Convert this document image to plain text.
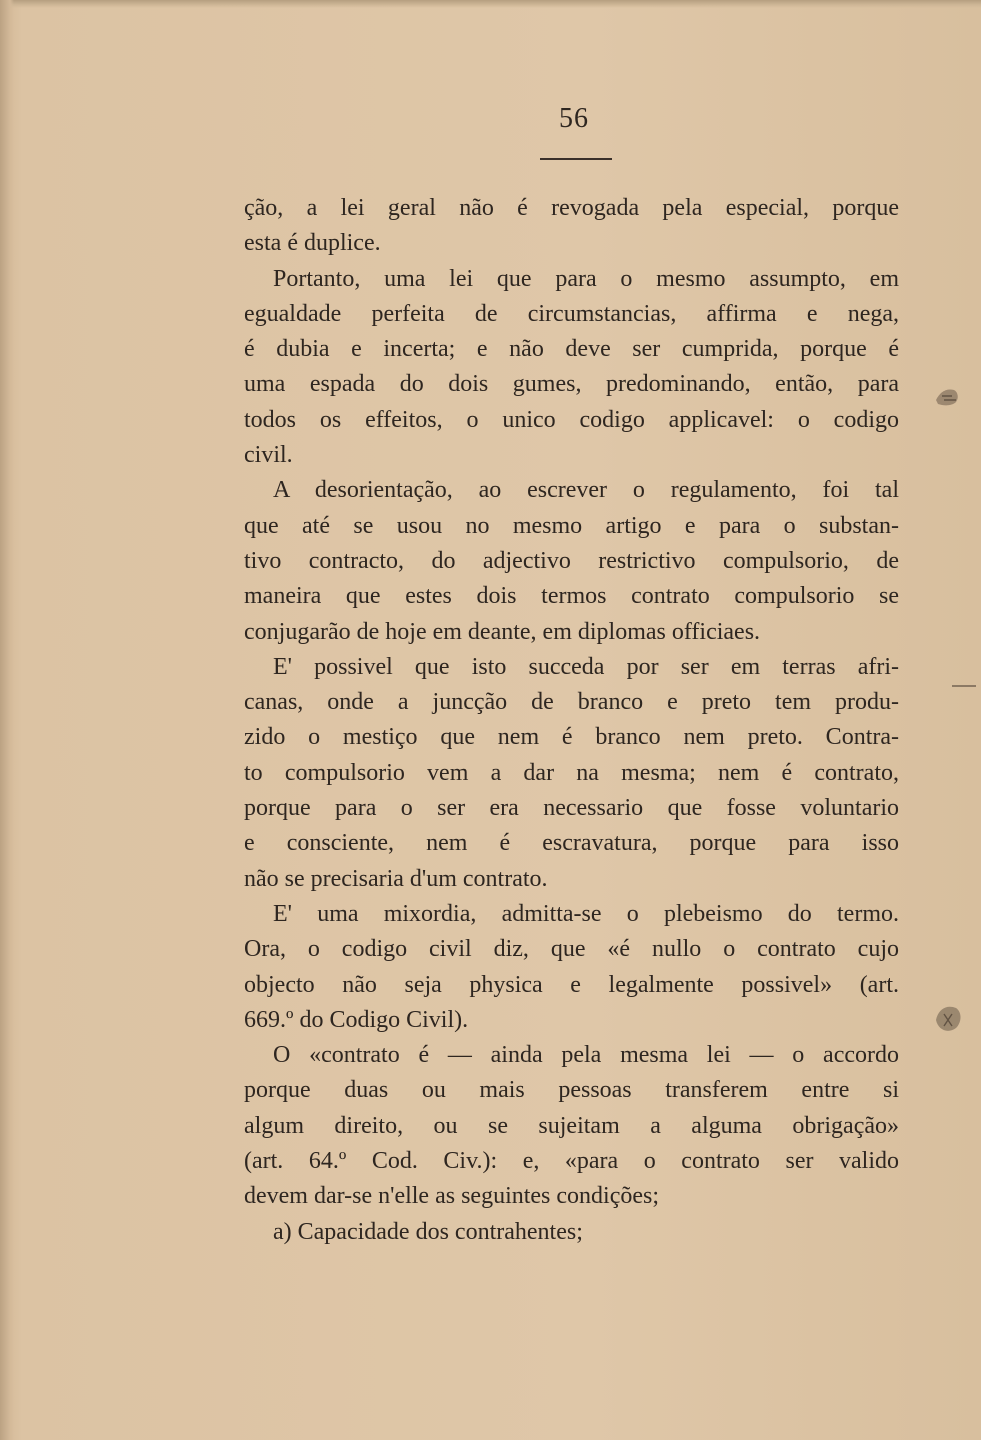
56
ção, a lei geral não é revogada pela especial, porque
esta é duplice.
Portanto, uma lei que para o mesmo assumpto, em
egualdade perfeita de circumstancias, affirma e nega,
é dubia e incerta; e não deve ser cumprida, porque é
uma espada do dois gumes, predominando, então, para
todos os effeitos, o unico codigo applicavel: o codigo
civil.
A desorientação, ao escrever o regulamento, foi tal
que até se usou no mesmo artigo e para o substan-
tivo contracto, do adjectivo restrictivo compulsorio, de
maneira que estes dois termos contrato compulsorio se
conjugarão de hoje em deante, em diplomas officiaes.
E' possivel que isto succeda por ser em terras afri-
canas, onde a juncção de branco e preto tem produ-
zido o mestiço que nem é branco nem preto. Contra-
to compulsorio vem a dar na mesma; nem é contrato,
porque para o ser era necessario que fosse voluntario
e consciente, nem é escravatura, porque para isso
não se precisaria d'um contrato.
E' uma mixordia, admitta-se o plebeismo do termo.
Ora, o codigo civil diz, que «é nullo o contrato cujo
objecto não seja physica e legalmente possivel» (art.
669.º do Codigo Civil).
O «contrato é — ainda pela mesma lei — o accordo
porque duas ou mais pessoas transferem entre si
algum direito, ou se sujeitam a alguma obrigação»
(art. 64.º Cod. Civ.): e, «para o contrato ser valido
devem dar-se n'elle as seguintes condições;
a) Capacidade dos contrahentes;
